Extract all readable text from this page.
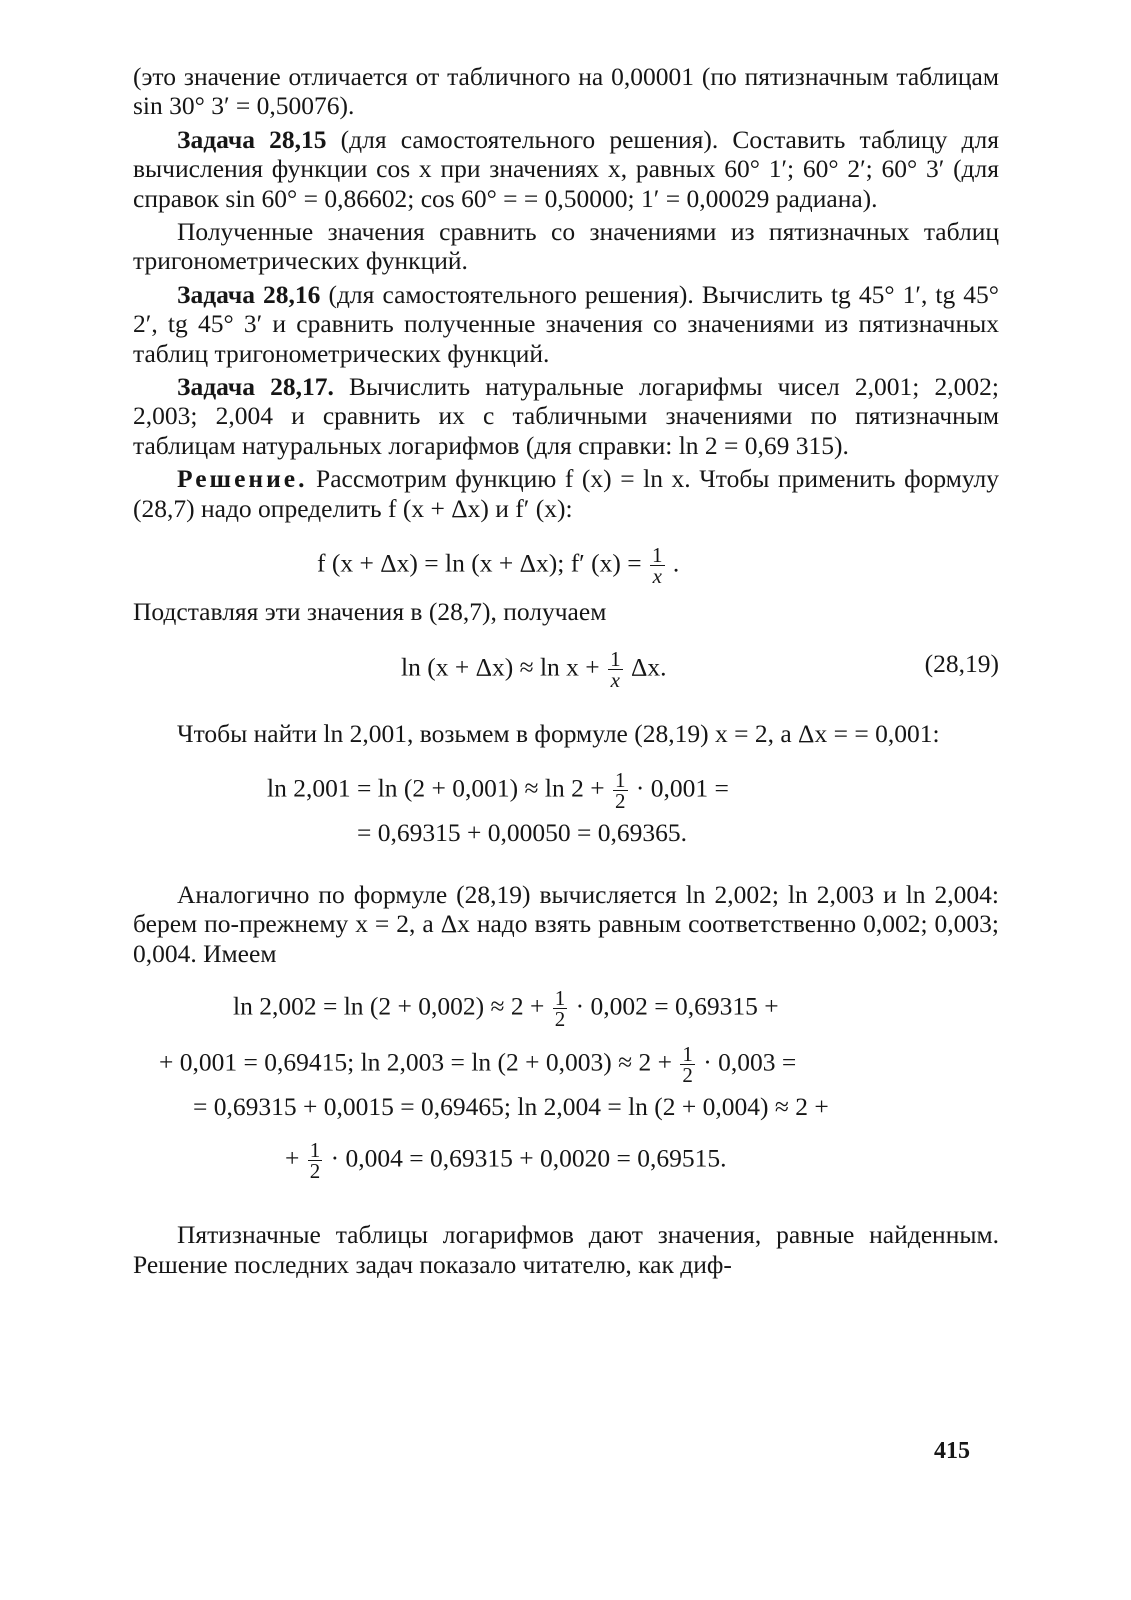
(это значение отличается от табличного на 0,00001 (по пятизначным таблицам sin 30° 3′ = 0,50076).

Задача 28,15 (для самостоятельного решения). Составить таблицу для вычисления функции cos x при значениях x, равных 60° 1′; 60° 2′; 60° 3′ (для справок sin 60° = 0,86602; cos 60° = = 0,50000; 1′ = 0,00029 радиана).

Полученные значения сравнить со значениями из пятизначных таблиц тригонометрических функций.

Задача 28,16 (для самостоятельного решения). Вычислить tg 45° 1′, tg 45° 2′, tg 45° 3′ и сравнить полученные значения со значениями из пятизначных таблиц тригонометрических функций.

Задача 28,17. Вычислить натуральные логарифмы чисел 2,001; 2,002; 2,003; 2,004 и сравнить их с табличными значениями по пятизначным таблицам натуральных логарифмов (для справки: ln 2 = 0,69 315).

Решение. Рассмотрим функцию f (x) = ln x. Чтобы применить формулу (28,7) надо определить f (x + Δx) и f′ (x):

f (x + Δx) = ln (x + Δx); f′ $(x) = \frac{1}{x}$ .

Подставляя эти значения в (28,7), получаем

$\ln (x + \Delta x) \approx \ln x + \frac{1}{x} \Delta x$.	(28,19)

Чтобы найти ln 2,001, возьмем в формуле (28,19) x = 2, а Δx = = 0,001:

$\ln 2,001 = \ln (2 + 0,001) \approx \ln 2 + \frac{1}{2} \cdot 0,001$ =
= 0,69315 + 0,00050 = 0,69365.

Аналогично по формуле (28,19) вычисляется ln 2,002; ln 2,003 и ln 2,004: берем по-прежнему x = 2, а Δx надо взять равным соответственно 0,002; 0,003; 0,004. Имеем

$\ln 2,002 = \ln (2 + 0,002) \approx 2 + \frac{1}{2} \cdot 0,002 = 0,69315$ +
+ 0,001 = 0,69415; $\ln 2,003 = \ln (2 + 0,003) \approx 2 + \frac{1}{2} \cdot 0,003$ =
= 0,69315 + 0,0015 = 0,69465; ln 2,004 = ln (2 + 0,004) ≈ 2 +
+ $\frac{1}{2} \cdot 0,004 = 0,69315 + 0,0020 = 0,69515$.

Пятизначные таблицы логарифмов дают значения, равные найденным. Решение последних задач показало читателю, как диф-

415
